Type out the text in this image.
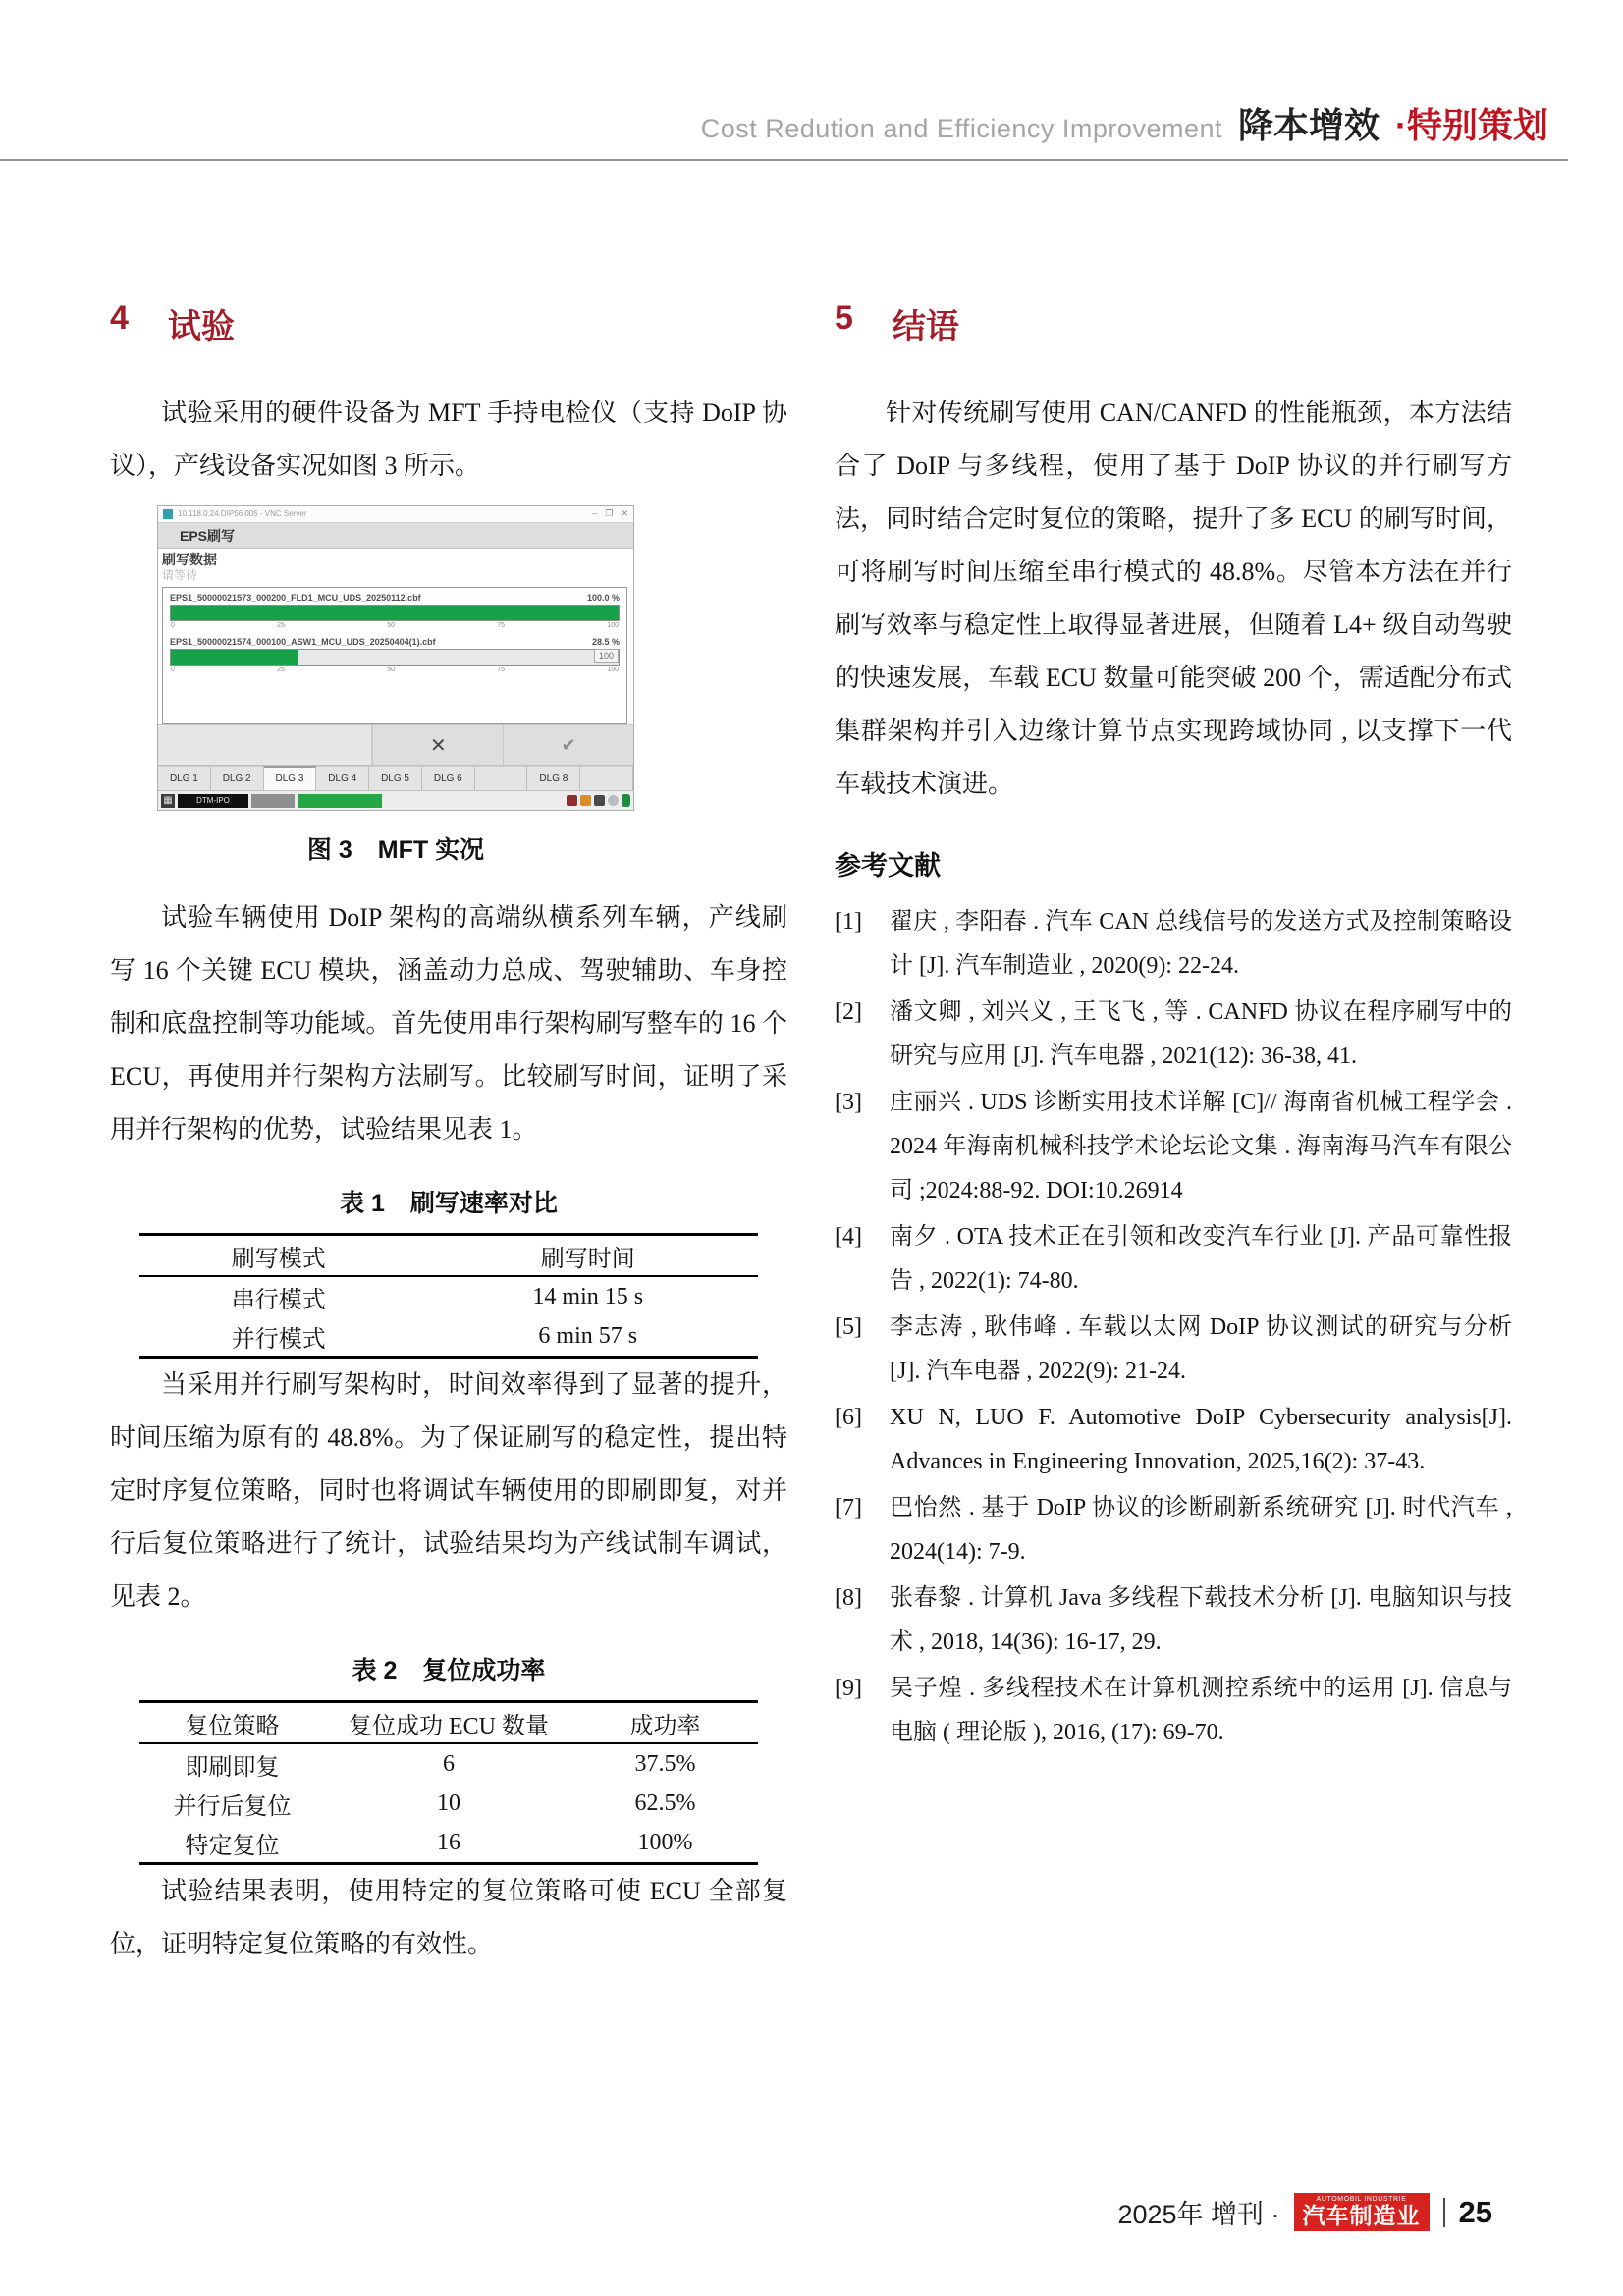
Cost Redution and Efficiency Improvement 降本增效 ·特别策划
4 试验

试验采用的硬件设备为 MFT 手持电检仪（支持 DoIP 协议），产线设备实况如图 3 所示。

10.118.0.24.DIP56.005 - VNC Server	– ❐ ✕
EPS刷写
刷写数据
请等待
EPS1_50000021573_000200_FLD1_MCU_UDS_20250112.cbf	100.0 %
0	25	50	75	100
EPS1_50000021574_000100_ASW1_MCU_UDS_20250404(1).cbf	28.5 %
100
0	25	50	75	100
✕	✔
DLG 1	DLG 2	DLG 3	DLG 4	DLG 5	DLG 6	DLG 8
▦	DTM-IPO
图 3 MFT 实况

试验车辆使用 DoIP 架构的高端纵横系列车辆，产线刷写 16 个关键 ECU 模块，涵盖动力总成、驾驶辅助、车身控制和底盘控制等功能域。首先使用串行架构刷写整车的 16 个 ECU，再使用并行架构方法刷写。比较刷写时间，证明了采用并行架构的优势，试验结果见表 1。

表 1 刷写速率对比
刷写模式	刷写时间
串行模式	14 min 15 s
并行模式	6 min 57 s

当采用并行刷写架构时，时间效率得到了显著的提升，时间压缩为原有的 48.8%。为了保证刷写的稳定性，提出特定时序复位策略，同时也将调试车辆使用的即刷即复，对并行后复位策略进行了统计，试验结果均为产线试制车调试，见表 2。

表 2 复位成功率
复位策略	复位成功 ECU 数量	成功率
即刷即复	6	37.5%
并行后复位	10	62.5%
特定复位	16	100%

试验结果表明，使用特定的复位策略可使 ECU 全部复位，证明特定复位策略的有效性。

5 结语

针对传统刷写使用 CAN/CANFD 的性能瓶颈，本方法结合了 DoIP 与多线程，使用了基于 DoIP 协议的并行刷写方法，同时结合定时复位的策略，提升了多 ECU 的刷写时间，可将刷写时间压缩至串行模式的 48.8%。尽管本方法在并行刷写效率与稳定性上取得显著进展，但随着 L4+ 级自动驾驶的快速发展，车载 ECU 数量可能突破 200 个，需适配分布式集群架构并引入边缘计算节点实现跨域协同 , 以支撑下一代车载技术演进。

参考文献
[1]	翟庆 , 李阳春 . 汽车 CAN 总线信号的发送方式及控制策略设计 [J]. 汽车制造业 , 2020(9): 22-24.
[2]	潘文卿 , 刘兴义 , 王飞飞 , 等 . CANFD 协议在程序刷写中的研究与应用 [J]. 汽车电器 , 2021(12): 36-38, 41.
[3]	庄丽兴 . UDS 诊断实用技术详解 [C]// 海南省机械工程学会 . 2024 年海南机械科技学术论坛论文集 . 海南海马汽车有限公司 ;2024:88-92. DOI:10.26914
[4]	南夕 . OTA 技术正在引领和改变汽车行业 [J]. 产品可靠性报告 , 2022(1): 74-80.
[5]	李志涛 , 耿伟峰 . 车载以太网 DoIP 协议测试的研究与分析 [J]. 汽车电器 , 2022(9): 21-24.
[6]	XU N, LUO F. Automotive DoIP Cybersecurity analysis[J]. Advances in Engineering Innovation, 2025,16(2): 37-43.
[7]	巴怡然 . 基于 DoIP 协议的诊断刷新系统研究 [J]. 时代汽车 , 2024(14): 7-9.
[8]	张春黎 . 计算机 Java 多线程下载技术分析 [J]. 电脑知识与技术 , 2018, 14(36): 16-17, 29.
[9]	吴子煌 . 多线程技术在计算机测控系统中的运用 [J]. 信息与电脑 ( 理论版 ), 2016, (17): 69-70.
2025年 增刊 ·
AUTOMOBIL INDUSTRIE
汽车制造业 25
